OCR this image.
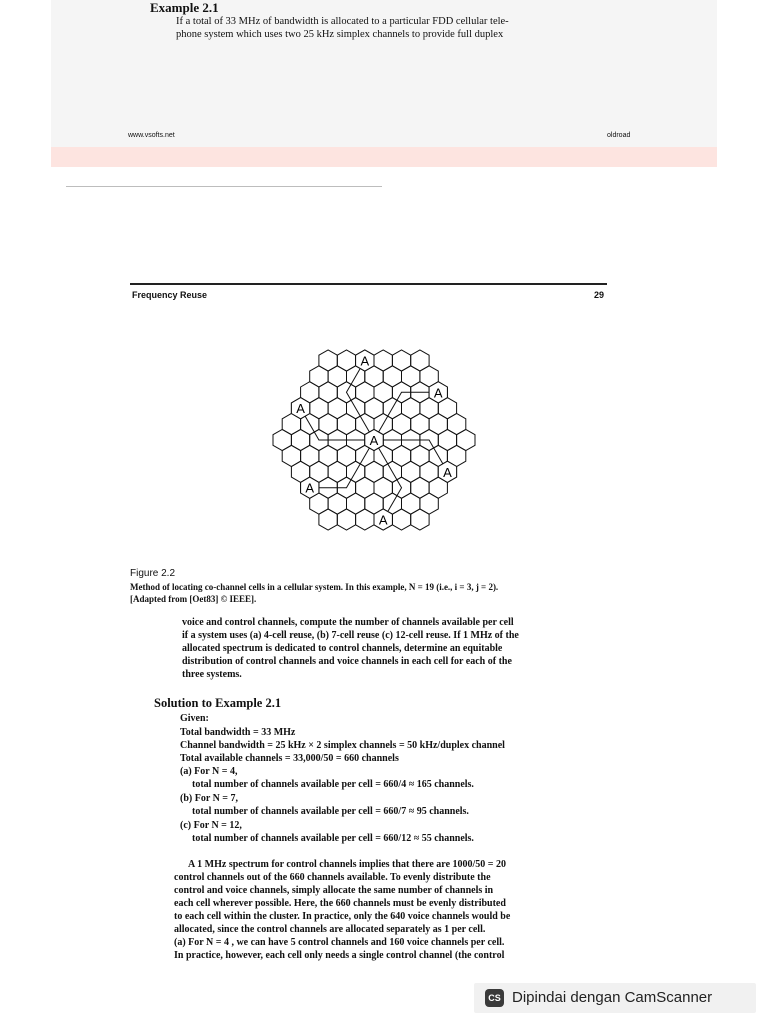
Example 2.1
If a total of 33 MHz of bandwidth is allocated to a particular FDD cellular tele-
phone system which uses two 25 kHz simplex channels to provide full duplex
www.vsofts.net	oldroad
Frequency Reuse	29
A
A
A
A
A
A
A
Figure 2.2
Method of locating co-channel cells in a cellular system. In this example, N = 19 (i.e., i = 3, j = 2).
[Adapted from [Oet83] © IEEE].
voice and control channels, compute the number of channels available per cell
if a system uses (a) 4-cell reuse, (b) 7-cell reuse (c) 12-cell reuse. If 1 MHz of the
allocated spectrum is dedicated to control channels, determine an equitable
distribution of control channels and voice channels in each cell for each of the
three systems.
Solution to Example 2.1
Given:
Total bandwidth = 33 MHz
Channel bandwidth = 25 kHz × 2 simplex channels = 50 kHz/duplex channel
Total available channels = 33,000/50 = 660 channels
(a) For N = 4,
total number of channels available per cell = 660/4 ≈ 165 channels.
(b) For N = 7,
total number of channels available per cell = 660/7 ≈ 95 channels.
(c) For N = 12,
total number of channels available per cell = 660/12 ≈ 55 channels.
A 1 MHz spectrum for control channels implies that there are 1000/50 = 20
control channels out of the 660 channels available. To evenly distribute the
control and voice channels, simply allocate the same number of channels in
each cell wherever possible. Here, the 660 channels must be evenly distributed
to each cell within the cluster. In practice, only the 640 voice channels would be
allocated, since the control channels are allocated separately as 1 per cell.
(a) For N = 4 , we can have 5 control channels and 160 voice channels per cell.
In practice, however, each cell only needs a single control channel (the control
CS Dipindai dengan CamScanner
